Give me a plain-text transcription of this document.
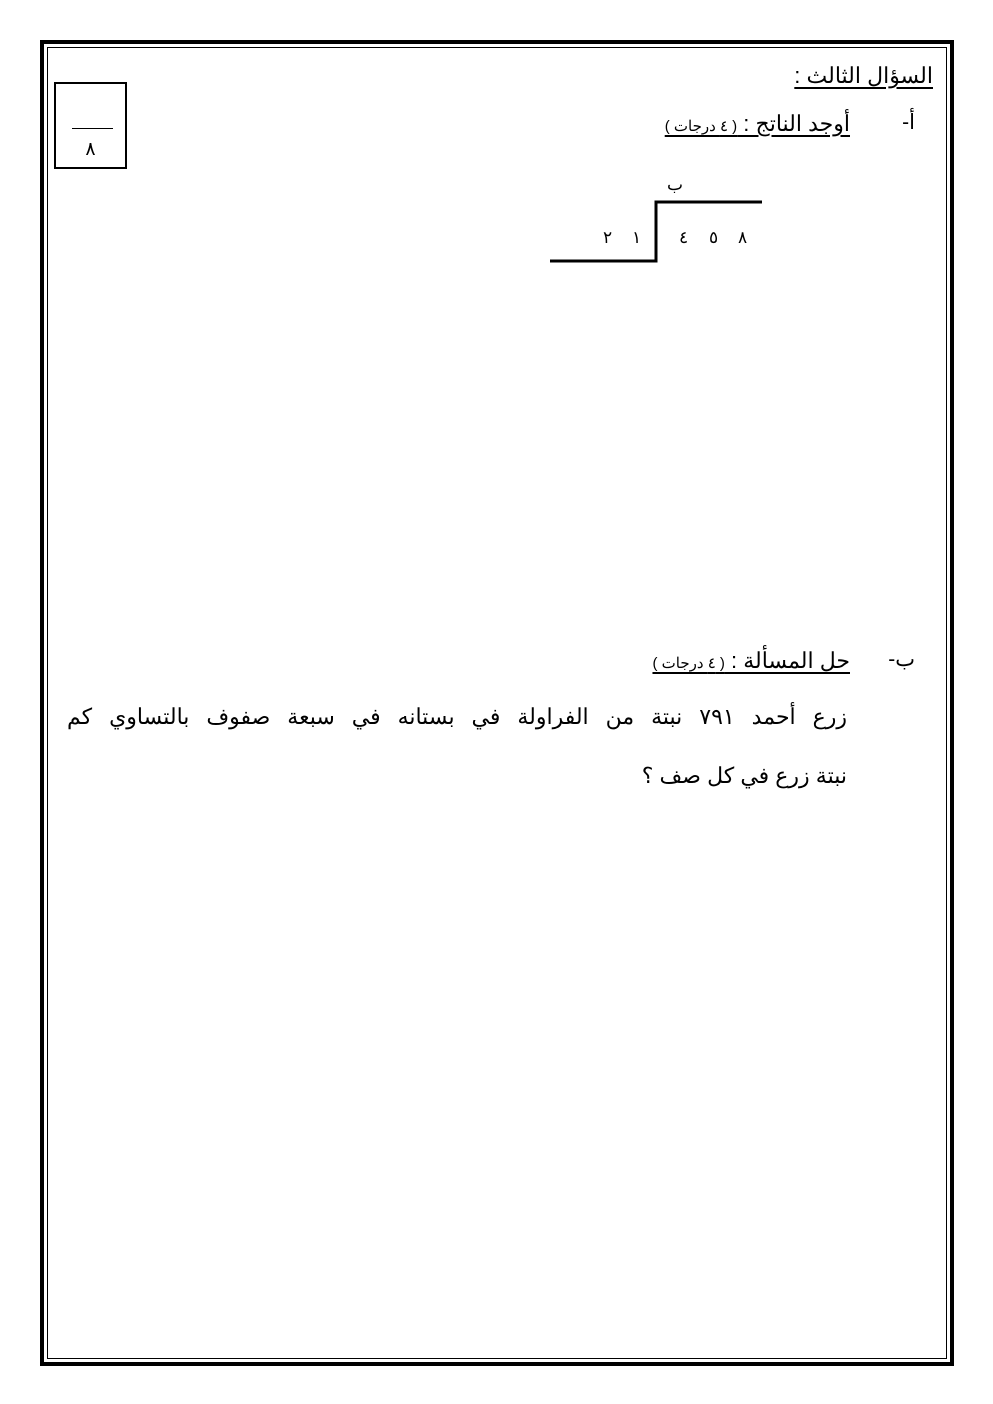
٨
السؤال الثالث :
أ-
أوجد الناتج : ( ٤ درجات )
ب
٨
٥
٤
١
٢
ب-
حل المسألة : ( ٤ درجات )
زرع أحمد ٧٩١ نبتة من الفراولة في بستانه في سبعة صفوف بالتساوي كم
نبتة زرع في كل صف ؟
